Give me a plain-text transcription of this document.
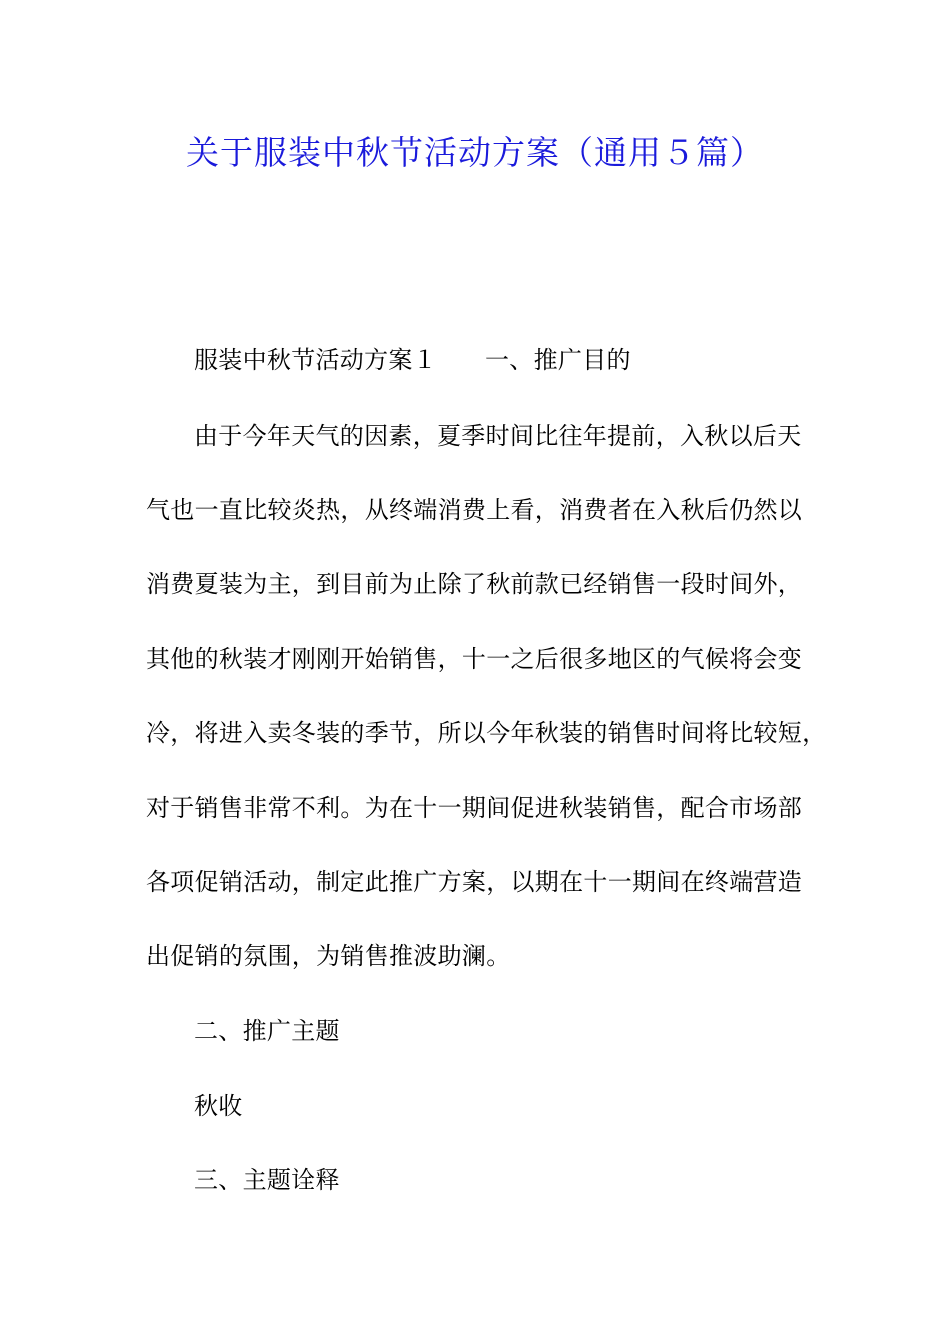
关于服装中秋节活动方案（通用５篇）

服装中秋节活动方案１ 一、推广目的

由于今年天气的因素，夏季时间比往年提前，入秋以后天

气也一直比较炎热，从终端消费上看，消费者在入秋后仍然以

消费夏装为主，到目前为止除了秋前款已经销售一段时间外，

其他的秋装才刚刚开始销售，十一之后很多地区的气候将会变

冷，将进入卖冬装的季节，所以今年秋装的销售时间将比较短，

对于销售非常不利。为在十一期间促进秋装销售，配合市场部

各项促销活动，制定此推广方案，以期在十一期间在终端营造

出促销的氛围，为销售推波助澜。

二、推广主题

秋收

三、主题诠释
